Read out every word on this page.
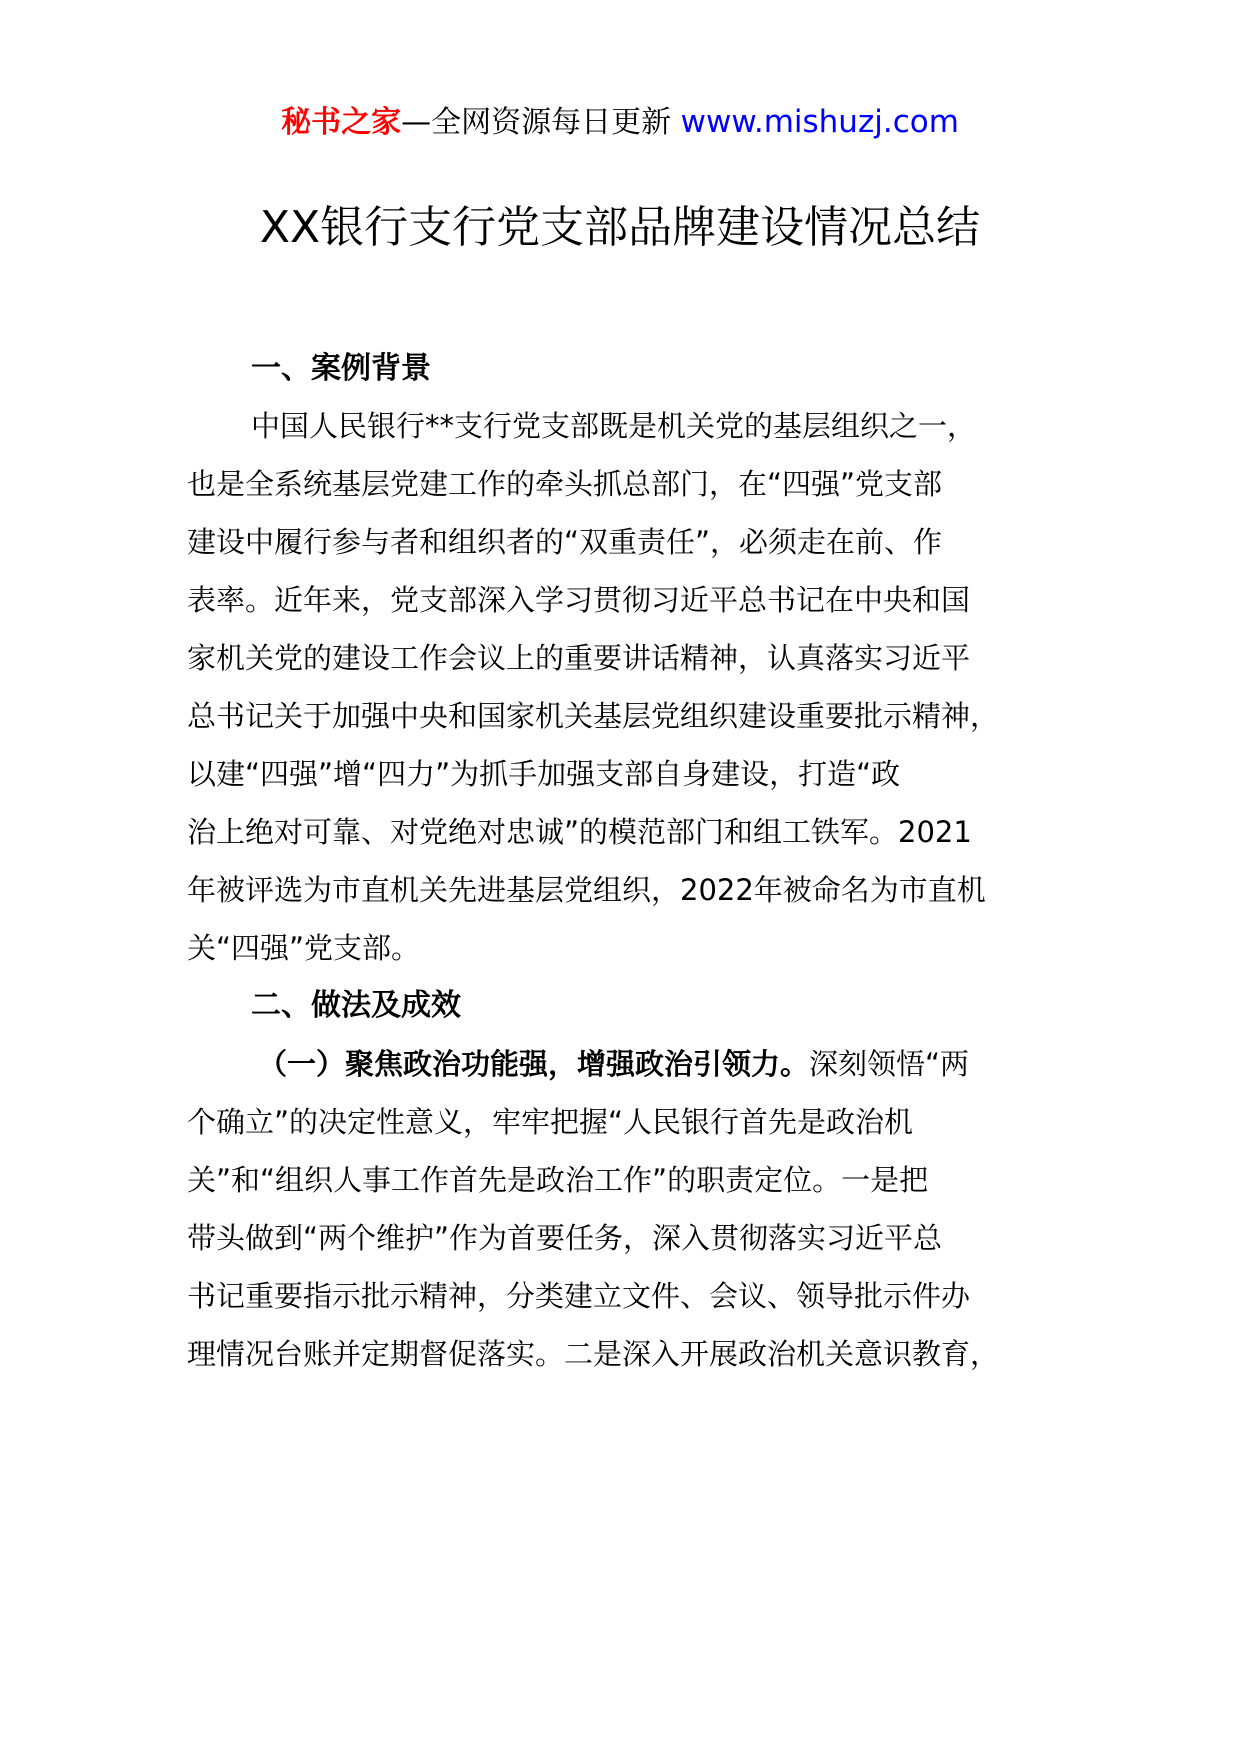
秘书之家—全网资源每日更新 www.mishuzj.com
XX银行支行党支部品牌建设情况总结
一、案例背景
中国人民银行**支行党支部既是机关党的基层组织之一，
也是全系统基层党建工作的牵头抓总部门，在“四强”党支部
建设中履行参与者和组织者的“双重责任”，必须走在前、作
表率。近年来，党支部深入学习贯彻习近平总书记在中央和国
家机关党的建设工作会议上的重要讲话精神，认真落实习近平
总书记关于加强中央和国家机关基层党组织建设重要批示精神，
以建“四强”增“四力”为抓手加强支部自身建设，打造“政
治上绝对可靠、对党绝对忠诚”的模范部门和组工铁军。2021
年被评选为市直机关先进基层党组织，2022年被命名为市直机
关“四强”党支部。
二、做法及成效
（一）聚焦政治功能强，增强政治引领力。深刻领悟“两
个确立”的决定性意义，牢牢把握“人民银行首先是政治机
关”和“组织人事工作首先是政治工作”的职责定位。一是把
带头做到“两个维护”作为首要任务，深入贯彻落实习近平总
书记重要指示批示精神，分类建立文件、会议、领导批示件办
理情况台账并定期督促落实。二是深入开展政治机关意识教育，
